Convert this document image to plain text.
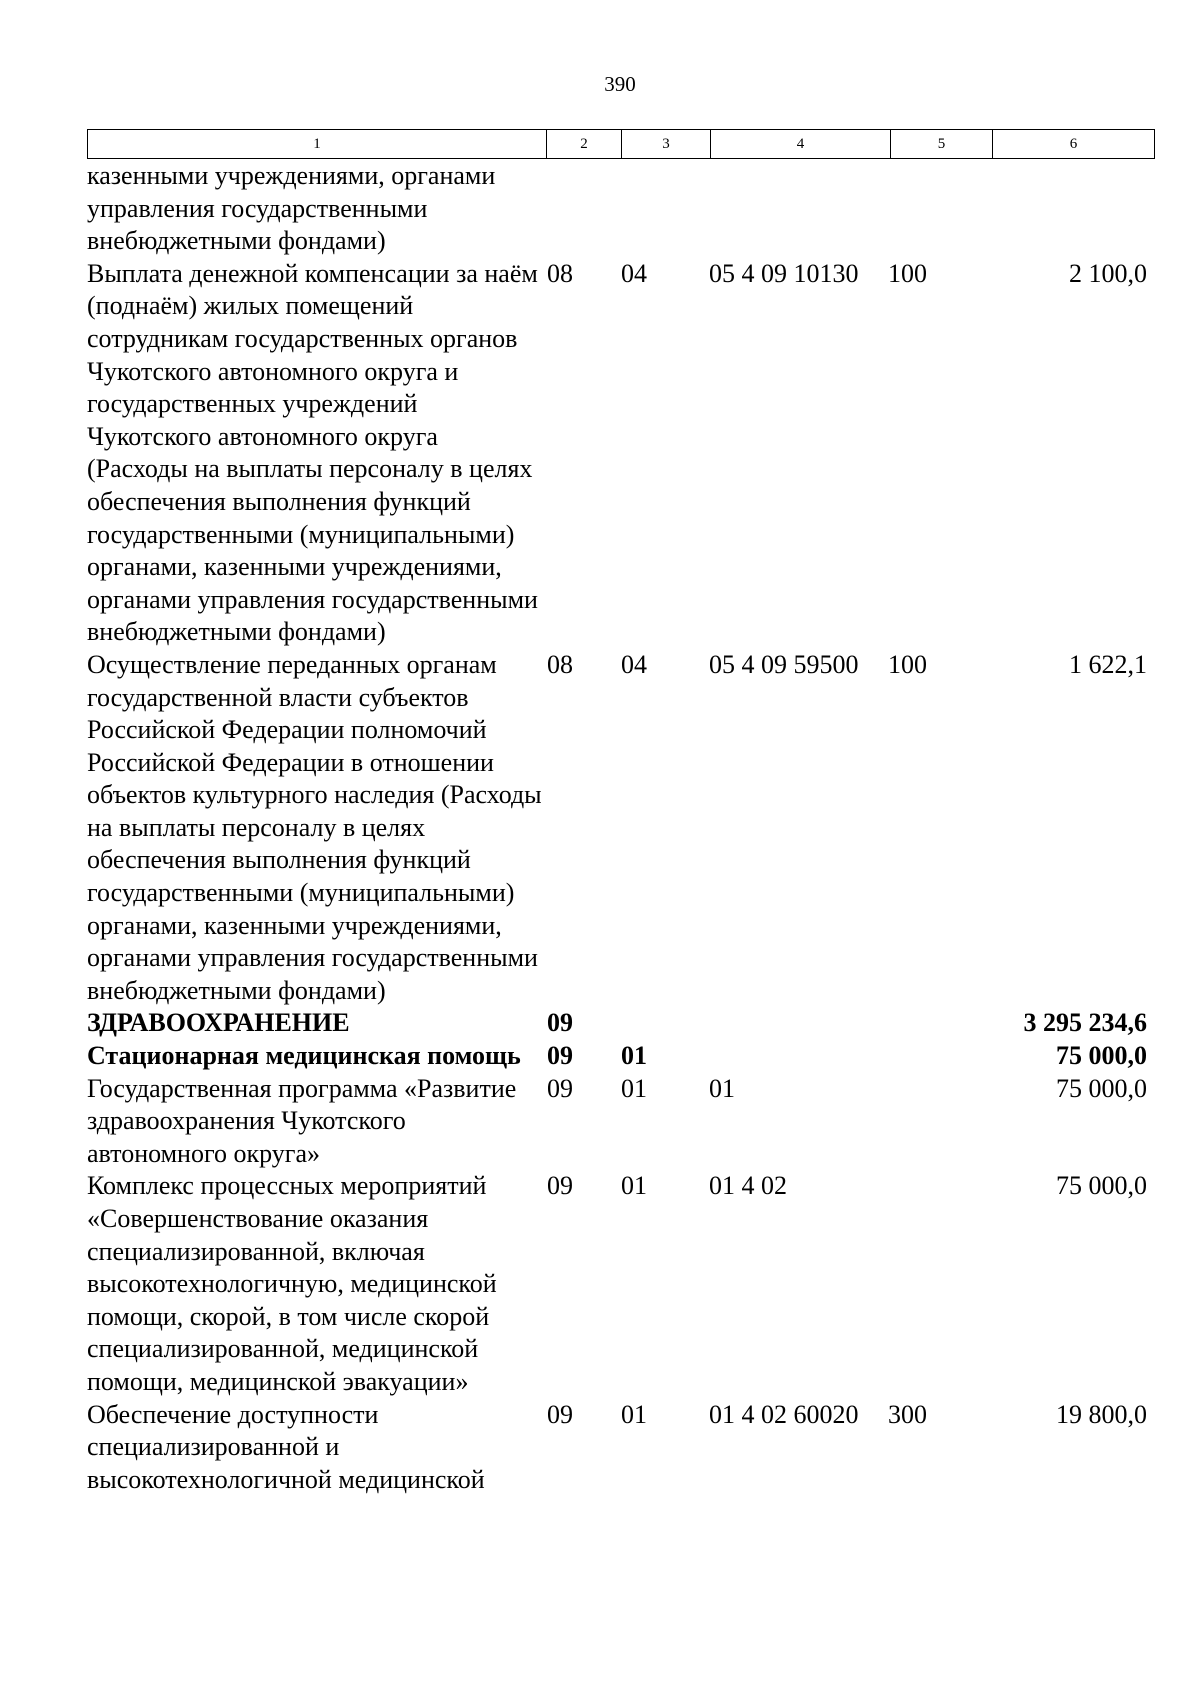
390
1	2	3	4	5	6
казенными учреждениями, органами управления государственными внебюджетными фондами)					
Выплата денежной компенсации за наём (поднаём) жилых помещений сотрудникам государственных органов Чукотского автономного округа и государственных учреждений Чукотского автономного округа (Расходы на выплаты персоналу в целях обеспечения выполнения функций государственными (муниципальными) органами, казенными учреждениями, органами управления государственными внебюджетными фондами)	08	04	05 4 09 10130	100	2 100,0
Осуществление переданных органам государственной власти субъектов Российской Федерации полномочий Российской Федерации в отношении объектов культурного наследия (Расходы на выплаты персоналу в целях обеспечения выполнения функций государственными (муниципальными) органами, казенными учреждениями, органами управления государственными внебюджетными фондами)	08	04	05 4 09 59500	100	1 622,1
ЗДРАВООХРАНЕНИЕ	09				3 295 234,6
Стационарная медицинская помощь	09	01			75 000,0
Государственная программа «Развитие здравоохранения Чукотского автономного округа»	09	01	01		75 000,0
Комплекс процессных мероприятий «Совершенствование оказания специализированной, включая высокотехнологичную, медицинской помощи, скорой, в том числе скорой специализированной, медицинской помощи, медицинской эвакуации»	09	01	01 4 02		75 000,0
Обеспечение доступности специализированной и высокотехнологичной медицинской	09	01	01 4 02 60020	300	19 800,0
